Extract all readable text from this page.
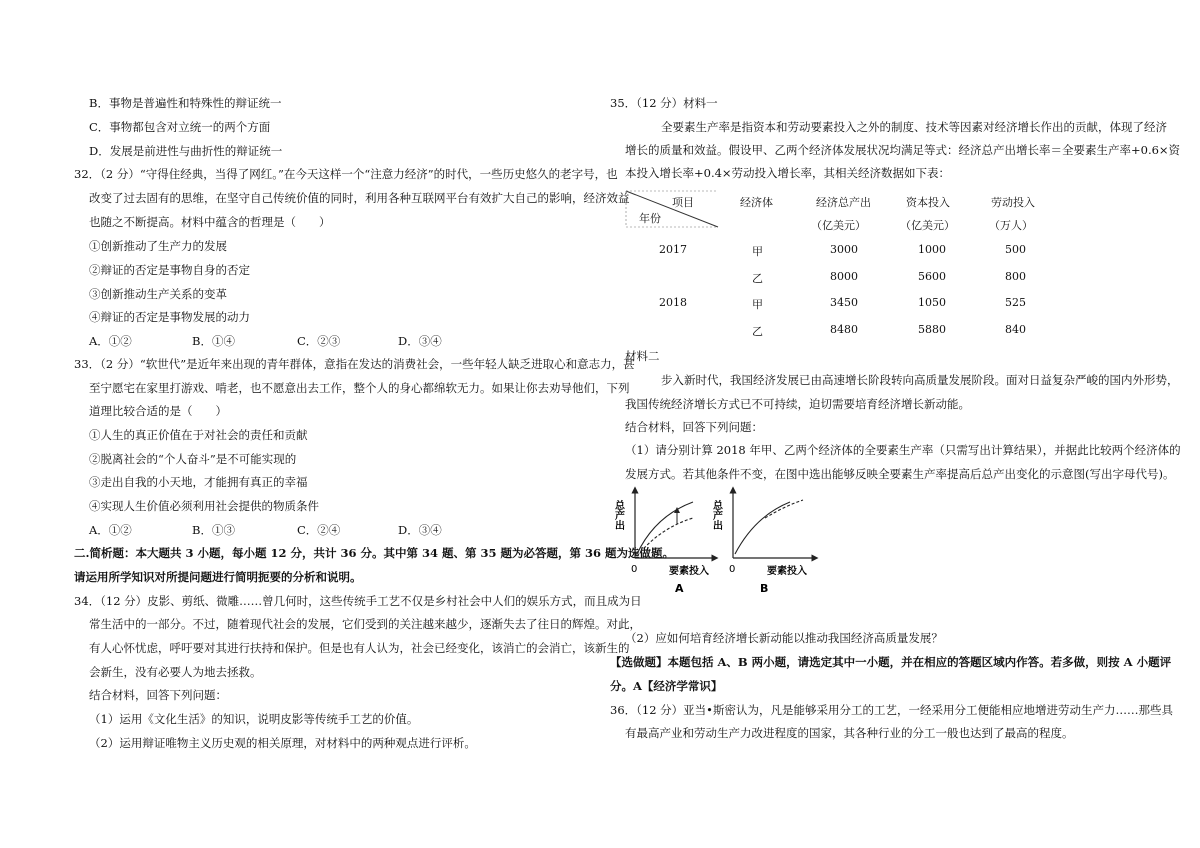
B．事物是普遍性和特殊性的辩证统一
C．事物都包含对立统一的两个方面
D．发展是前进性与曲折性的辩证统一
32．（2 分）“守得住经典，当得了网红。”在今天这样一个“注意力经济”的时代，一些历史悠久的老字号，也
改变了过去固有的思维，在坚守自己传统价值的同时，利用各种互联网平台有效扩大自己的影响，经济效益
也随之不断提高。材料中蕴含的哲理是（　　）
①创新推动了生产力的发展
②辩证的否定是事物自身的否定
③创新推动生产关系的变革
④辩证的否定是事物发展的动力
A．①②	B．①④	C．②③	D．③④
33．（2 分）“软世代”是近年来出现的青年群体，意指在发达的消费社会，一些年轻人缺乏进取心和意志力，甚
至宁愿宅在家里打游戏、啃老，也不愿意出去工作，整个人的身心都绵软无力。如果让你去劝导他们，下列
道理比较合适的是（　　）
①人生的真正价值在于对社会的责任和贡献
②脱离社会的“个人奋斗”是不可能实现的
③走出自我的小天地，才能拥有真正的幸福
④实现人生价值必须利用社会提供的物质条件
A．①②	B．①③	C．②④	D．③④
二.简析题：本大题共 3 小题，每小题 12 分，共计 36 分。其中第 34 题、第 35 题为必答题，第 36 题为选做题。
请运用所学知识对所提问题进行简明扼要的分析和说明。
34．（12 分）皮影、剪纸、微雕……曾几何时，这些传统手工艺不仅是乡村社会中人们的娱乐方式，而且成为日
常生活中的一部分。不过，随着现代社会的发展，它们受到的关注越来越少，逐渐失去了往日的辉煌。对此，
有人心怀忧虑，呼吁要对其进行扶持和保护。但是也有人认为，社会已经变化，该消亡的会消亡，该新生的
会新生，没有必要人为地去拯救。
结合材料，回答下列问题：
（1）运用《文化生活》的知识，说明皮影等传统手工艺的价值。
（2）运用辩证唯物主义历史观的相关原理，对材料中的两种观点进行评析。
35．（12 分）材料一
全要素生产率是指资本和劳动要素投入之外的制度、技术等因素对经济增长作出的贡献，体现了经济
增长的质量和效益。假设甲、乙两个经济体发展状况均满足等式：经济总产出增长率＝全要素生产率+0.6×资
本投入增长率+0.4×劳动投入增长率，其相关经济数据如下表：
项目
年份
经济体	经济总产出	资本投入	劳动投入
（亿美元）	（亿美元）	（万人）
2017	甲	3000	1000	500
乙	8000	5600	800
2018	甲	3450	1050	525
乙	8480	5880	840
材料二
步入新时代，我国经济发展已由高速增长阶段转向高质量发展阶段。面对日益复杂严峻的国内外形势，
我国传统经济增长方式已不可持续，迫切需要培育经济增长新动能。
结合材料，回答下列问题：
（1）请分别计算 2018 年甲、乙两个经济体的全要素生产率（只需写出计算结果），并据此比较两个经济体的
发展方式。若其他条件不变，在图中选出能够反映全要素生产率提高后总产出变化的示意图(写出字母代号)。
总产出
0	要素投入
A
总产出
0	要素投入
B
（2）应如何培育经济增长新动能以推动我国经济高质量发展？
【选做题】本题包括 A、B 两小题，请选定其中一小题，并在相应的答题区域内作答。若多做，则按 A 小题评
分。A【经济学常识】
36．（12 分）亚当•斯密认为，凡是能够采用分工的工艺，一经采用分工便能相应地增进劳动生产力……那些具
有最高产业和劳动生产力改进程度的国家，其各种行业的分工一般也达到了最高的程度。
